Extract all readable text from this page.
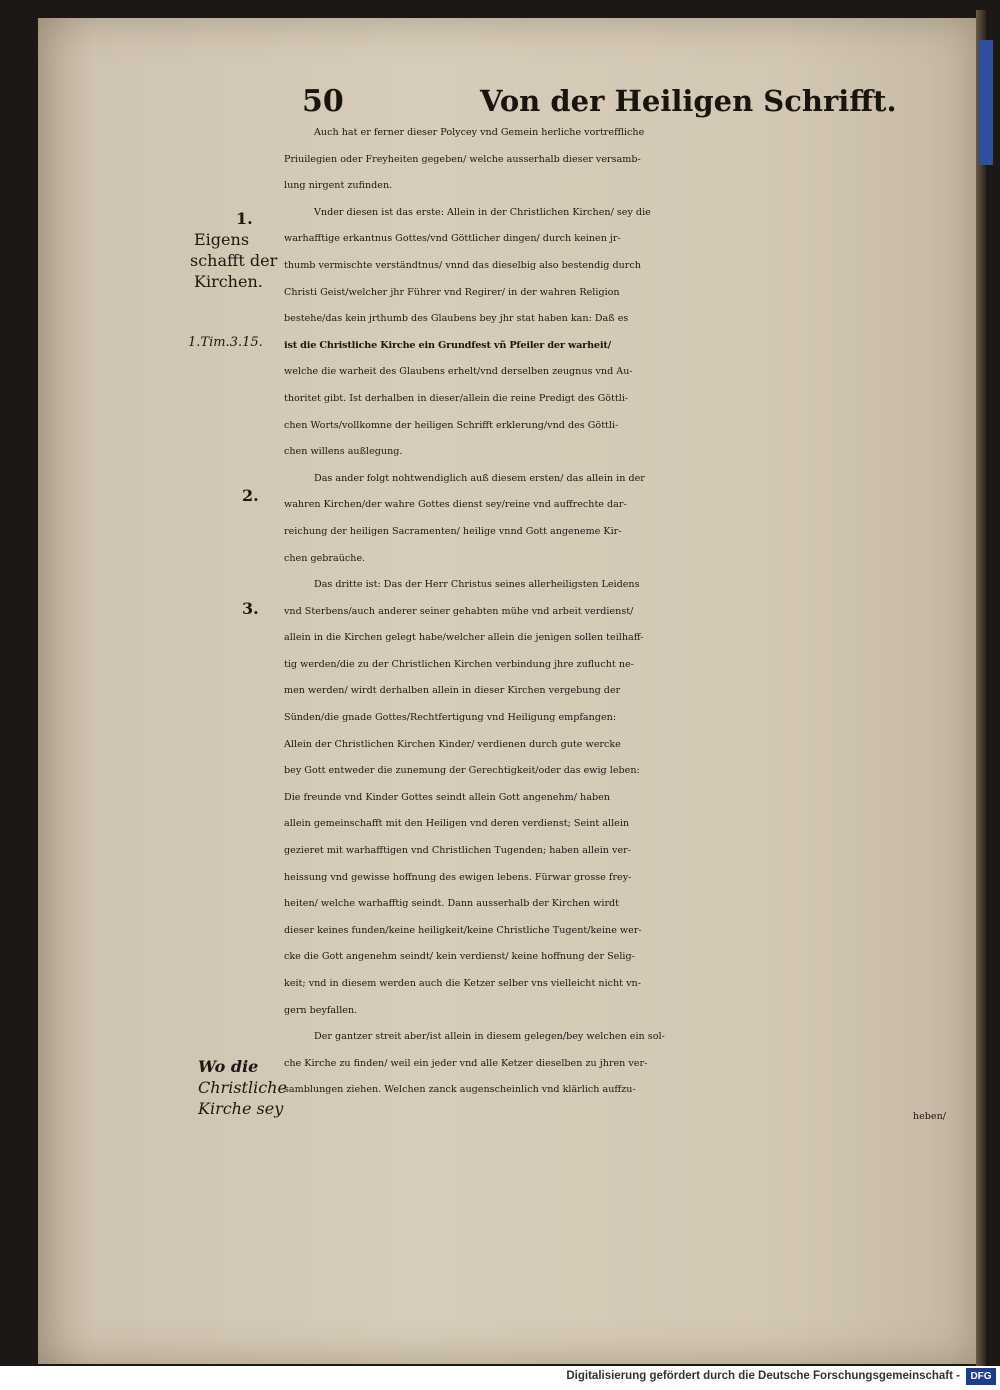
50	Von der Heiligen Schrifft.
1.
Eigens
schafft der
Kirchen.
1.Tim.3.15.
2.
3.
Wo die
Christliche
Kirche sey
Auch hat er ferner dieser Polycey vnd Gemein herliche vortreffliche
Priuilegien oder Freyheiten gegeben/ welche ausserhalb dieser versamb-
lung nirgent zufinden.
Vnder diesen ist das erste: Allein in der Christlichen Kirchen/ sey die
warhafftige erkantnus Gottes/vnd Göttlicher dingen/ durch keinen jr-
thumb vermischte verständtnus/ vnnd das dieselbig also bestendig durch
Christi Geist/welcher jhr Führer vnd Regirer/ in der wahren Religion
bestehe/das kein jrthumb des Glaubens bey jhr stat haben kan: Daß es
ist die Christliche Kirche ein Grundfest vñ Pfeiler der warheit/
welche die warheit des Glaubens erhelt/vnd derselben zeugnus vnd Au-
thoritet gibt. Ist derhalben in dieser/allein die reine Predigt des Göttli-
chen Worts/vollkomne der heiligen Schrifft erklerung/vnd des Göttli-
chen willens außlegung.
Das ander folgt nohtwendiglich auß diesem ersten/ das allein in der
wahren Kirchen/der wahre Gottes dienst sey/reine vnd auffrechte dar-
reichung der heiligen Sacramenten/ heilige vnnd Gott angeneme Kir-
chen gebraüche.
Das dritte ist: Das der Herr Christus seines allerheiligsten Leidens
vnd Sterbens/auch anderer seiner gehabten mühe vnd arbeit verdienst/
allein in die Kirchen gelegt habe/welcher allein die jenigen sollen teilhaff-
tig werden/die zu der Christlichen Kirchen verbindung jhre zuflucht ne-
men werden/ wirdt derhalben allein in dieser Kirchen vergebung der
Sünden/die gnade Gottes/Rechtfertigung vnd Heiligung empfangen:
Allein der Christlichen Kirchen Kinder/ verdienen durch gute wercke
bey Gott entweder die zunemung der Gerechtigkeit/oder das ewig leben:
Die freunde vnd Kinder Gottes seindt allein Gott angenehm/ haben
allein gemeinschafft mit den Heiligen vnd deren verdienst; Seint allein
gezieret mit warhafftigen vnd Christlichen Tugenden; haben allein ver-
heissung vnd gewisse hoffnung des ewigen lebens. Fürwar grosse frey-
heiten/ welche warhafftig seindt. Dann ausserhalb der Kirchen wirdt
dieser keines funden/keine heiligkeit/keine Christliche Tugent/keine wer-
cke die Gott angenehm seindt/ kein verdienst/ keine hoffnung der Selig-
keit; vnd in diesem werden auch die Ketzer selber vns vielleicht nicht vn-
gern beyfallen.
Der gantzer streit aber/ist allein in diesem gelegen/bey welchen ein sol-
che Kirche zu finden/ weil ein jeder vnd alle Ketzer dieselben zu jhren ver-
samblungen ziehen. Welchen zanck augenscheinlich vnd klärlich auffzu-
heben/
Digitalisierung gefördert durch die Deutsche Forschungsgemeinschaft -	DFG
